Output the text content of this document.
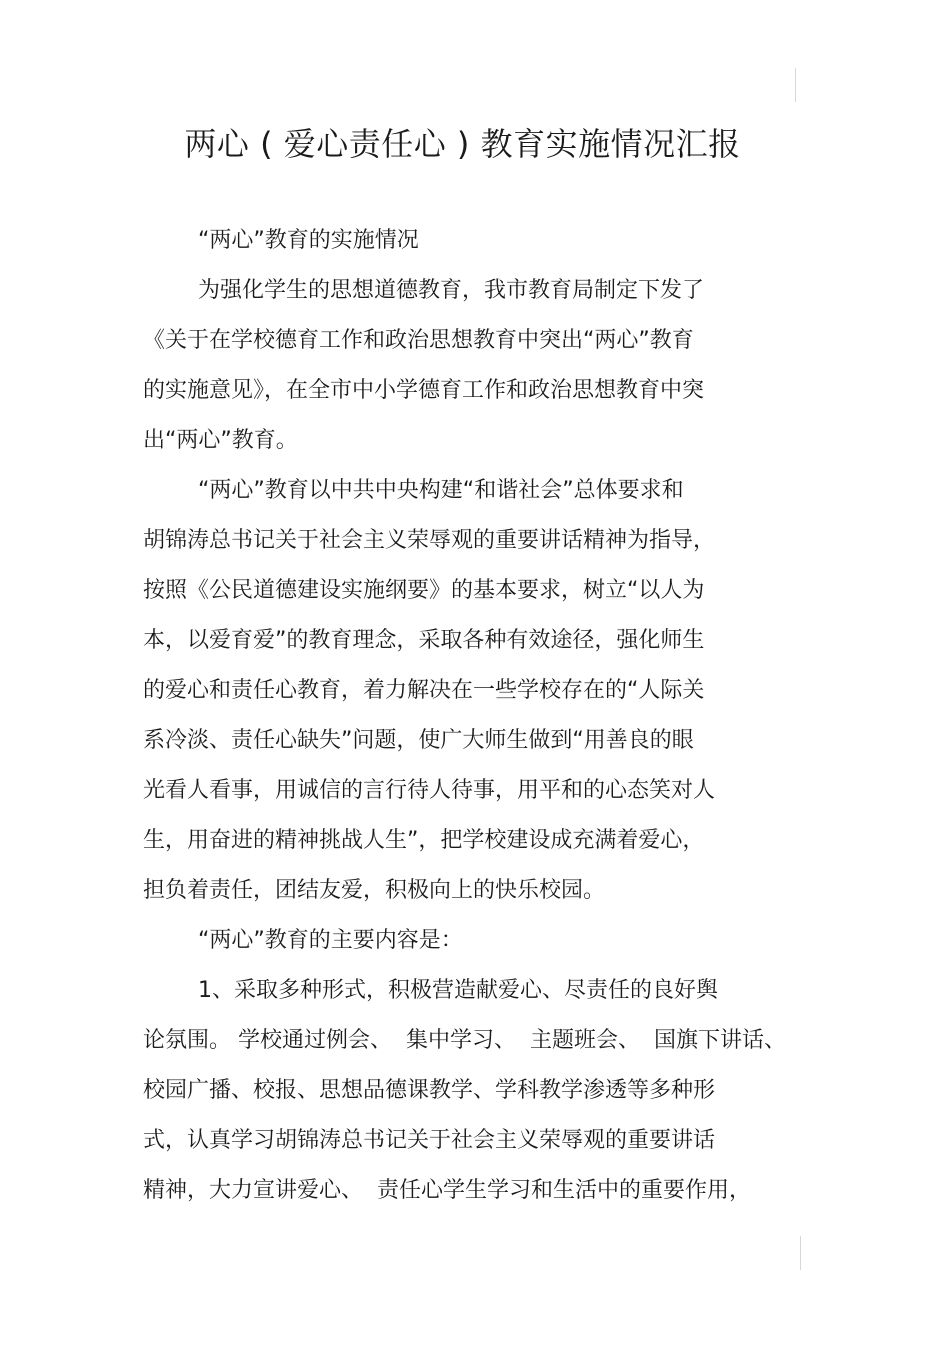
两心 ( 爱心责任心 ) 教育实施情况汇报
“两心”教育的实施情况
为强化学生的思想道德教育，我市教育局制定下发了
《关于在学校德育工作和政治思想教育中突出“两心”教育
的实施意见》，在全市中小学德育工作和政治思想教育中突
出“两心”教育。
“两心”教育以中共中央构建“和谐社会”总体要求和
胡锦涛总书记关于社会主义荣辱观的重要讲话精神为指导，
按照《公民道德建设实施纲要》的基本要求，树立“以人为
本，以爱育爱”的教育理念，采取各种有效途径，强化师生
的爱心和责任心教育，着力解决在一些学校存在的“人际关
系冷淡、责任心缺失”问题，使广大师生做到“用善良的眼
光看人看事，用诚信的言行待人待事，用平和的心态笑对人
生，用奋进的精神挑战人生”，把学校建设成充满着爱心，
担负着责任，团结友爱，积极向上的快乐校园。
“两心”教育的主要内容是：
1、采取多种形式，积极营造献爱心、尽责任的良好舆
论氛围。 学校通过例会、  集中学习、  主题班会、  国旗下讲话、
校园广播、校报、思想品德课教学、学科教学渗透等多种形
式，认真学习胡锦涛总书记关于社会主义荣辱观的重要讲话
精神，大力宣讲爱心、  责任心学生学习和生活中的重要作用，
